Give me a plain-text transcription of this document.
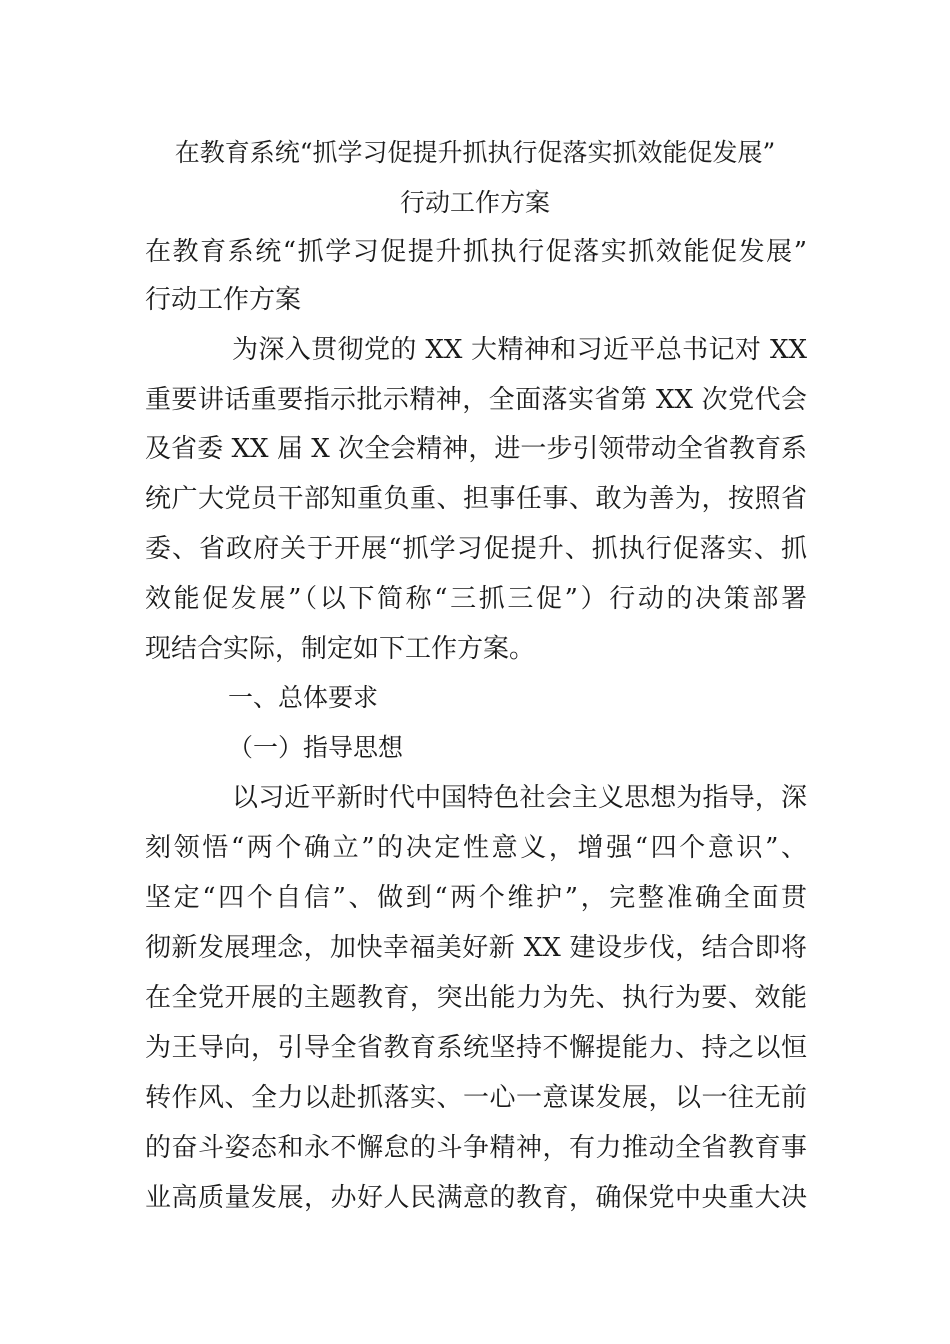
在教育系统“抓学习促提升抓执行促落实抓效能促发展”
行动工作方案
在教育系统“抓学习促提升抓执行促落实抓效能促发展”
行动工作方案
为深入贯彻党的 XX 大精神和习近平总书记对 XX
重要讲话重要指示批示精神，全面落实省第 XX 次党代会
及省委 XX 届 X 次全会精神，进一步引领带动全省教育系
统广大党员干部知重负重、担事任事、敢为善为，按照省
委、省政府关于开展“抓学习促提升、抓执行促落实、抓
效能促发展”（以下简称“三抓三促”）行动的决策部署
现结合实际，制定如下工作方案。
一、总体要求
（一）指导思想
以习近平新时代中国特色社会主义思想为指导，深
刻领悟“两个确立”的决定性意义，增强“四个意识”、
坚定“四个自信”、做到“两个维护”，完整准确全面贯
彻新发展理念，加快幸福美好新 XX 建设步伐，结合即将
在全党开展的主题教育，突出能力为先、执行为要、效能
为王导向，引导全省教育系统坚持不懈提能力、持之以恒
转作风、全力以赴抓落实、一心一意谋发展，以一往无前
的奋斗姿态和永不懈怠的斗争精神，有力推动全省教育事
业高质量发展，办好人民满意的教育，确保党中央重大决
